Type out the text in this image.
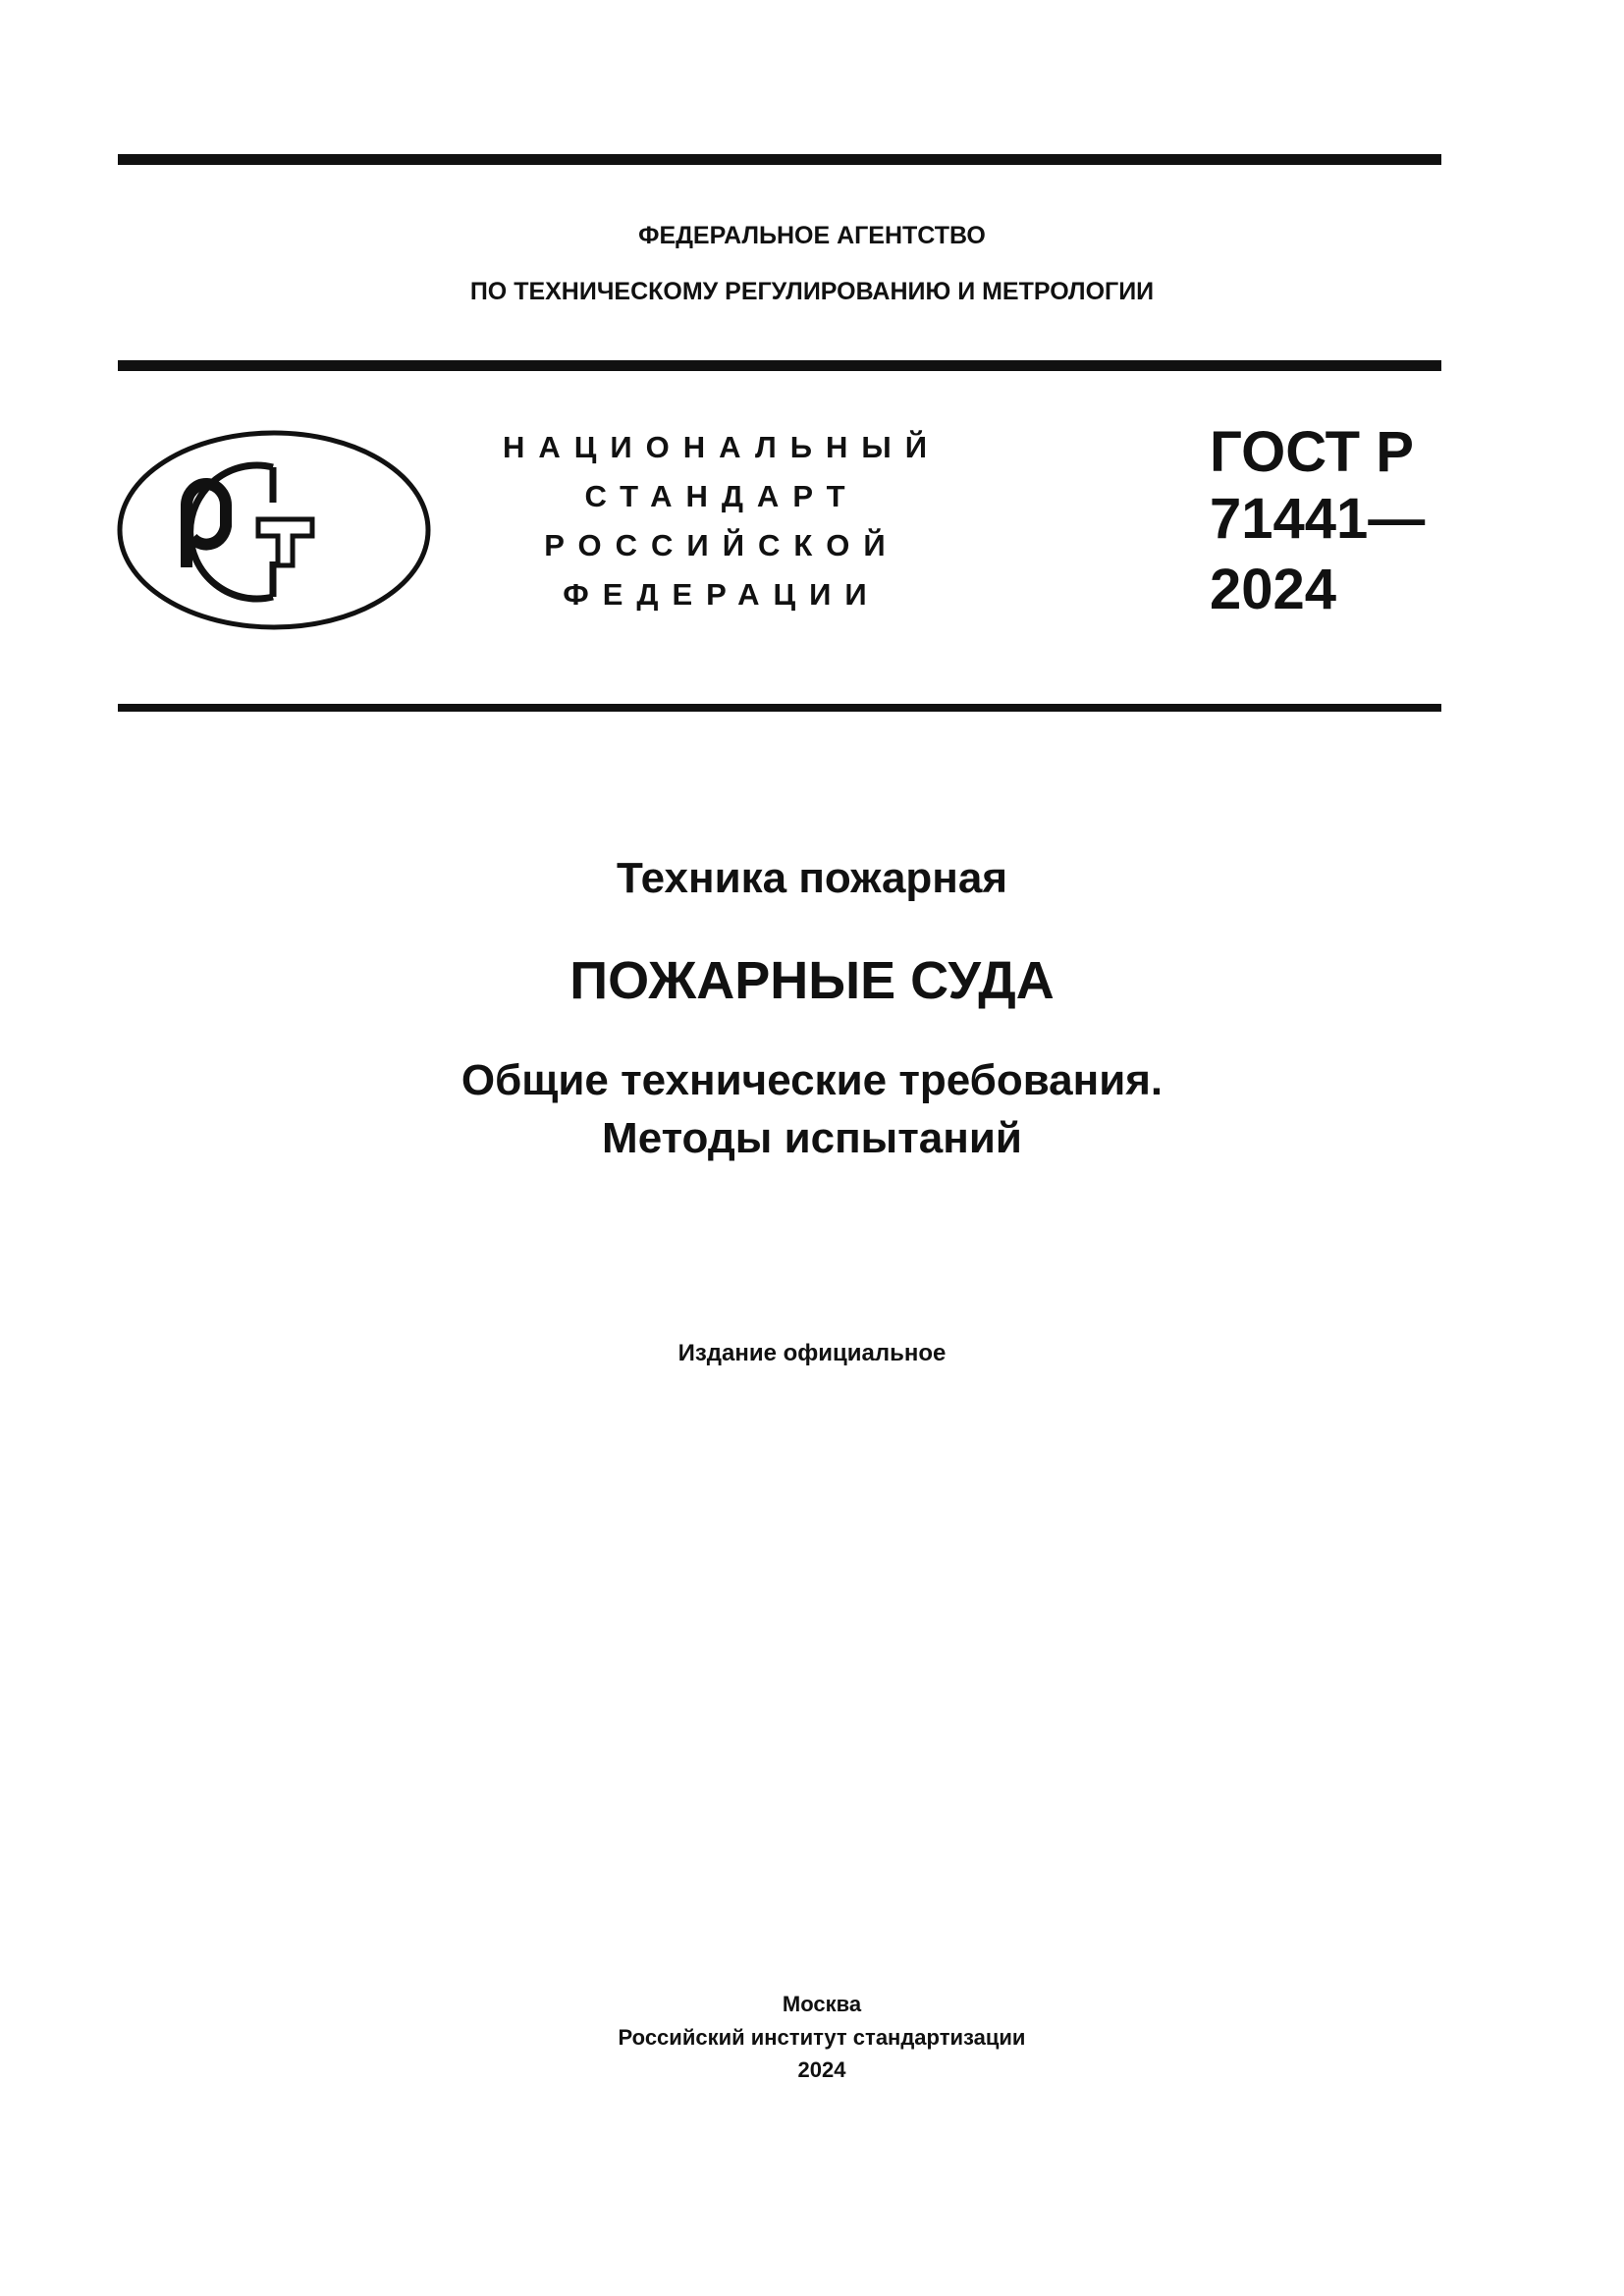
ФЕДЕРАЛЬНОЕ АГЕНТСТВО
ПО ТЕХНИЧЕСКОМУ РЕГУЛИРОВАНИЮ И МЕТРОЛОГИИ
НАЦИОНАЛЬНЫЙ
СТАНДАРТ
РОССИЙСКОЙ
ФЕДЕРАЦИИ
ГОСТ Р
71441—
2024
Техника пожарная
ПОЖАРНЫЕ СУДА
Общие технические требования.
Методы испытаний
Издание официальное
Москва
Российский институт стандартизации
2024
